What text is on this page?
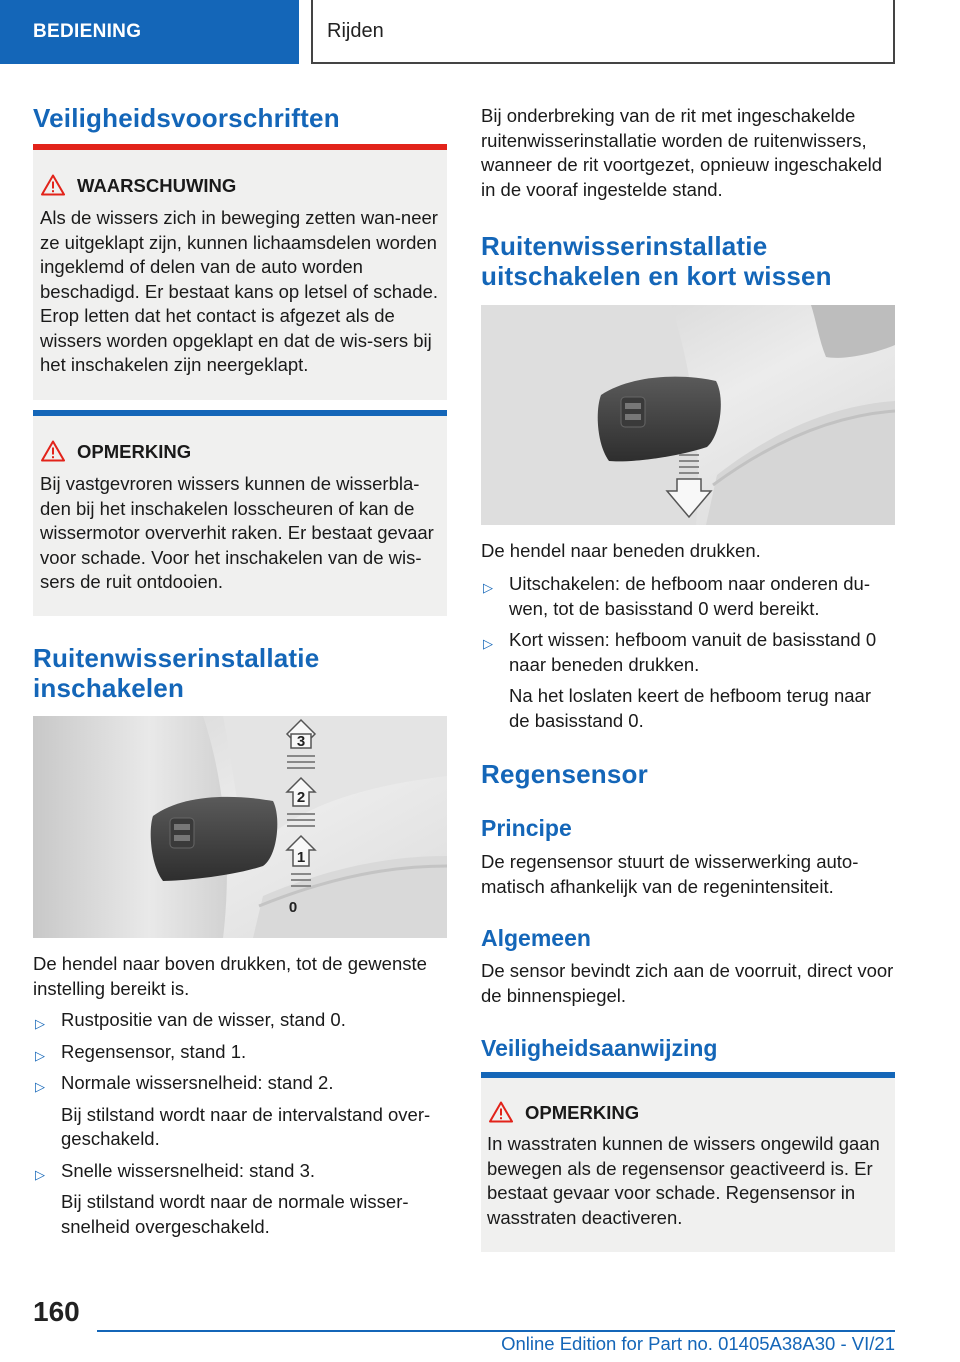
BEDIENING	Rijden
Veiligheidsvoorschriften
WAARSCHUWING

Als de wissers zich in beweging zetten wan-neer ze uitgeklapt zijn, kunnen lichaamsdelen worden ingeklemd of delen van de auto worden beschadigd. Er bestaat kans op letsel of schade. Erop letten dat het contact is afgezet als de wissers worden opgeklapt en dat de wis-sers bij het inschakelen zijn neergeklapt.

OPMERKING

Bij vastgevroren wissers kunnen de wisserbla-den bij het inschakelen losscheuren of kan de wissermotor oververhit raken. Er bestaat gevaar voor schade. Voor het inschakelen van de wis-sers de ruit ontdooien.

Ruitenwisserinstallatie
inschakelen
3
2
1
0

De hendel naar boven drukken, tot de gewenste instelling bereikt is.

▷ Rustpositie van de wisser, stand 0.
▷ Regensensor, stand 1.
▷ Normale wissersnelheid: stand 2.
Bij stilstand wordt naar de intervalstand over-geschakeld.
▷ Snelle wissersnelheid: stand 3.
Bij stilstand wordt naar de normale wisser-snelheid overgeschakeld.

Bij onderbreking van de rit met ingeschakelde ruitenwisserinstallatie worden de ruitenwissers, wanneer de rit voortgezet, opnieuw ingeschakeld in de vooraf ingestelde stand.

Ruitenwisserinstallatie
uitschakelen en kort wissen

De hendel naar beneden drukken.

▷ Uitschakelen: de hefboom naar onderen du-wen, tot de basisstand 0 werd bereikt.
▷ Kort wissen: hefboom vanuit de basisstand 0 naar beneden drukken.
Na het loslaten keert de hefboom terug naar de basisstand 0.
Regensensor
Principe

De regensensor stuurt de wisserwerking auto-matisch afhankelijk van de regenintensiteit.

Algemeen

De sensor bevindt zich aan de voorruit, direct voor de binnenspiegel.

Veiligheidsaanwijzing
OPMERKING

In wasstraten kunnen de wissers ongewild gaan bewegen als de regensensor geactiveerd is. Er bestaat gevaar voor schade. Regensensor in wasstraten deactiveren.

160
Online Edition for Part no. 01405A38A30 - VI/21
